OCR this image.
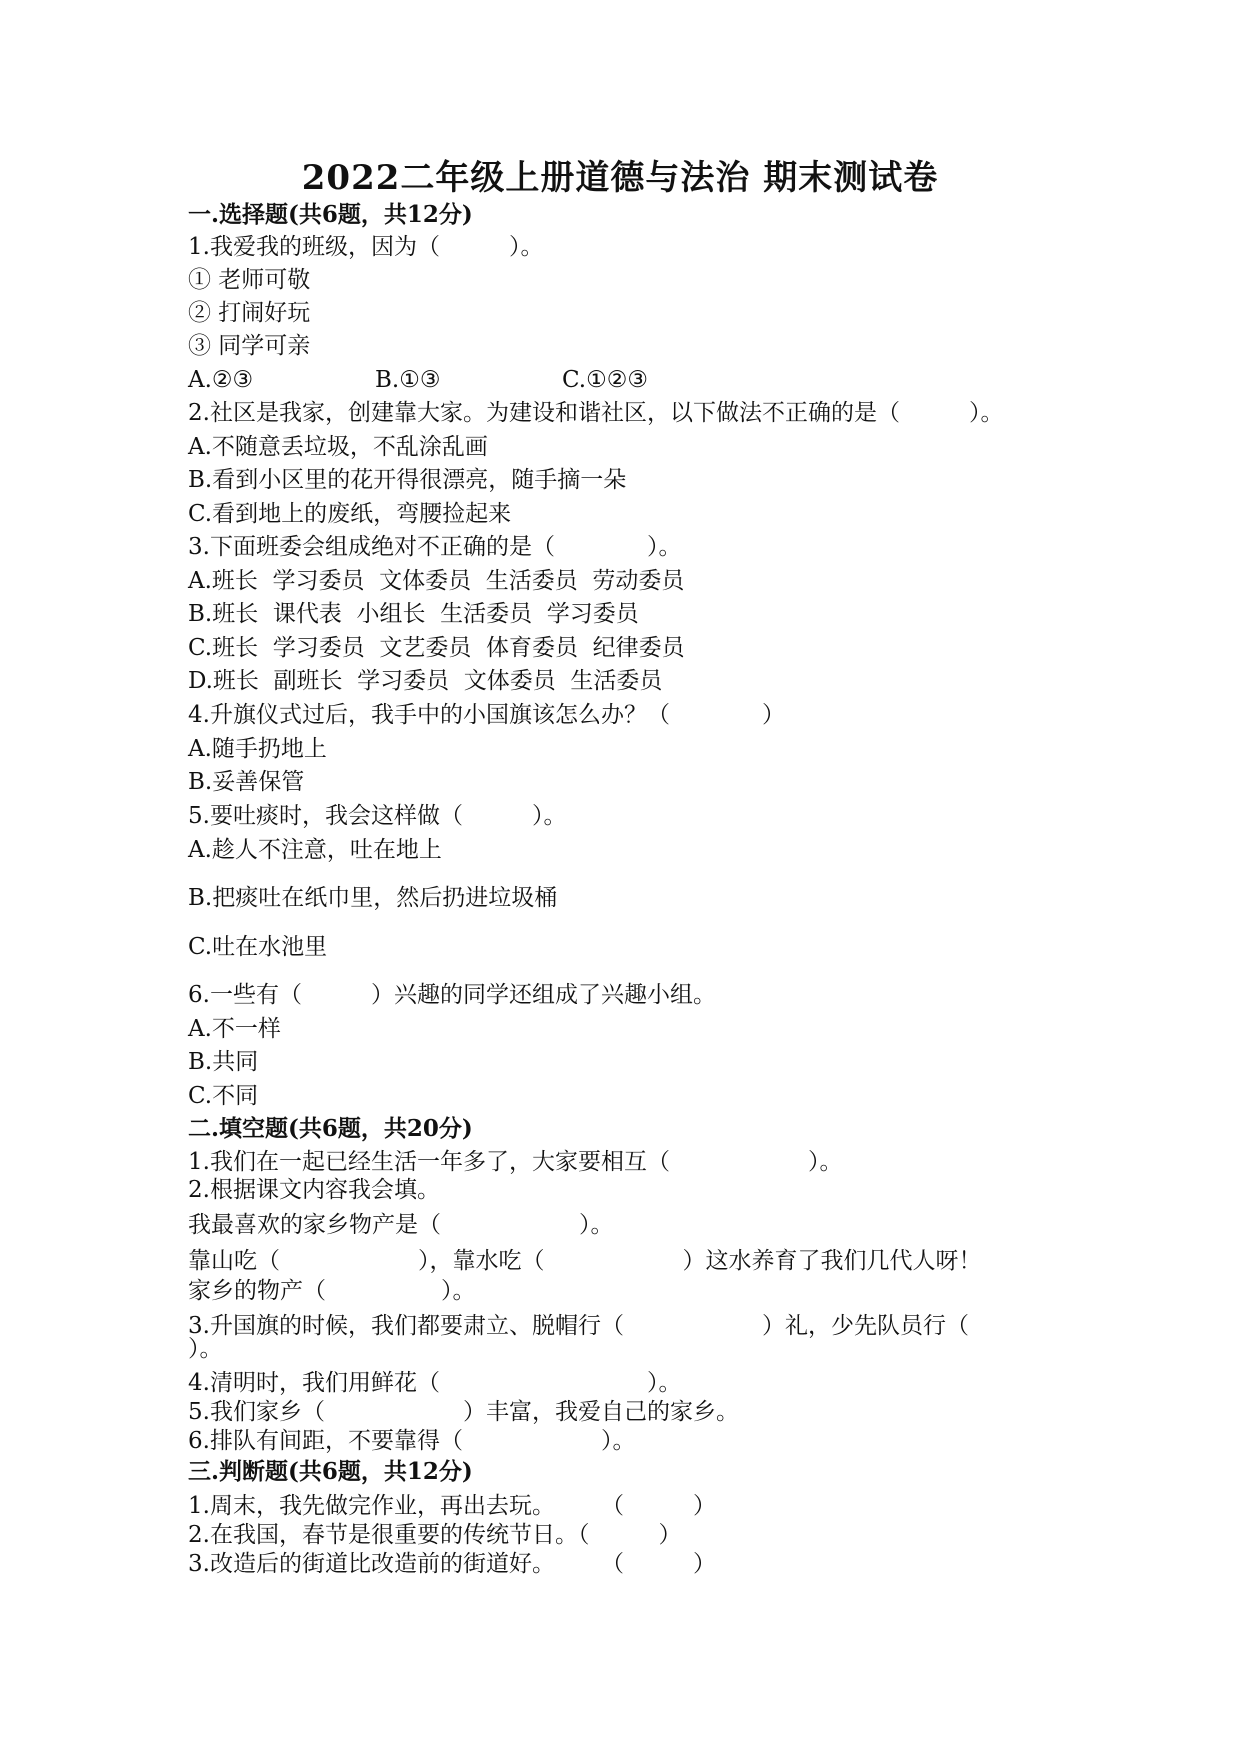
2022二年级上册道德与法治 期末测试卷
一.选择题(共6题，共12分)
1.我爱我的班级，因为（　　　）。
① 老师可敬
② 打闹好玩
③ 同学可亲
A.②③	B.①③	C.①②③
2.社区是我家，创建靠大家。为建设和谐社区，以下做法不正确的是（　　　）。
A.不随意丢垃圾，不乱涂乱画
B.看到小区里的花开得很漂亮，随手摘一朵
C.看到地上的废纸，弯腰捡起来
3.下面班委会组成绝对不正确的是（　　　　）。
A.班长  学习委员  文体委员  生活委员  劳动委员
B.班长  课代表  小组长  生活委员  学习委员
C.班长  学习委员  文艺委员  体育委员  纪律委员
D.班长  副班长  学习委员  文体委员  生活委员
4.升旗仪式过后，我手中的小国旗该怎么办？（　　　　）
A.随手扔地上
B.妥善保管
5.要吐痰时，我会这样做（　　　）。
A.趁人不注意，吐在地上
B.把痰吐在纸巾里，然后扔进垃圾桶
C.吐在水池里
6.一些有（　　　）兴趣的同学还组成了兴趣小组。
A.不一样
B.共同
C.不同
二.填空题(共6题，共20分)
1.我们在一起已经生活一年多了，大家要相互（　　　　　　）。
2.根据课文内容我会填。
我最喜欢的家乡物产是（　　　　　　）。
靠山吃（　　　　　　），靠水吃（　　　　　　）这水养育了我们几代人呀！
家乡的物产（　　　　　）。
3.升国旗的时候，我们都要肃立、脱帽行（　　　　　　）礼，少先队员行（
）。
4.清明时，我们用鲜花（　　　　　　　　　）。
5.我们家乡（　　　　　　）丰富，我爱自己的家乡。
6.排队有间距，不要靠得（　　　　　　）。
三.判断题(共6题，共12分)
1.周末，我先做完作业，再出去玩。　　　（　　　）
2.在我国，春节是很重要的传统节日。（　　　）
3.改造后的街道比改造前的街道好。　　　（　　　）
